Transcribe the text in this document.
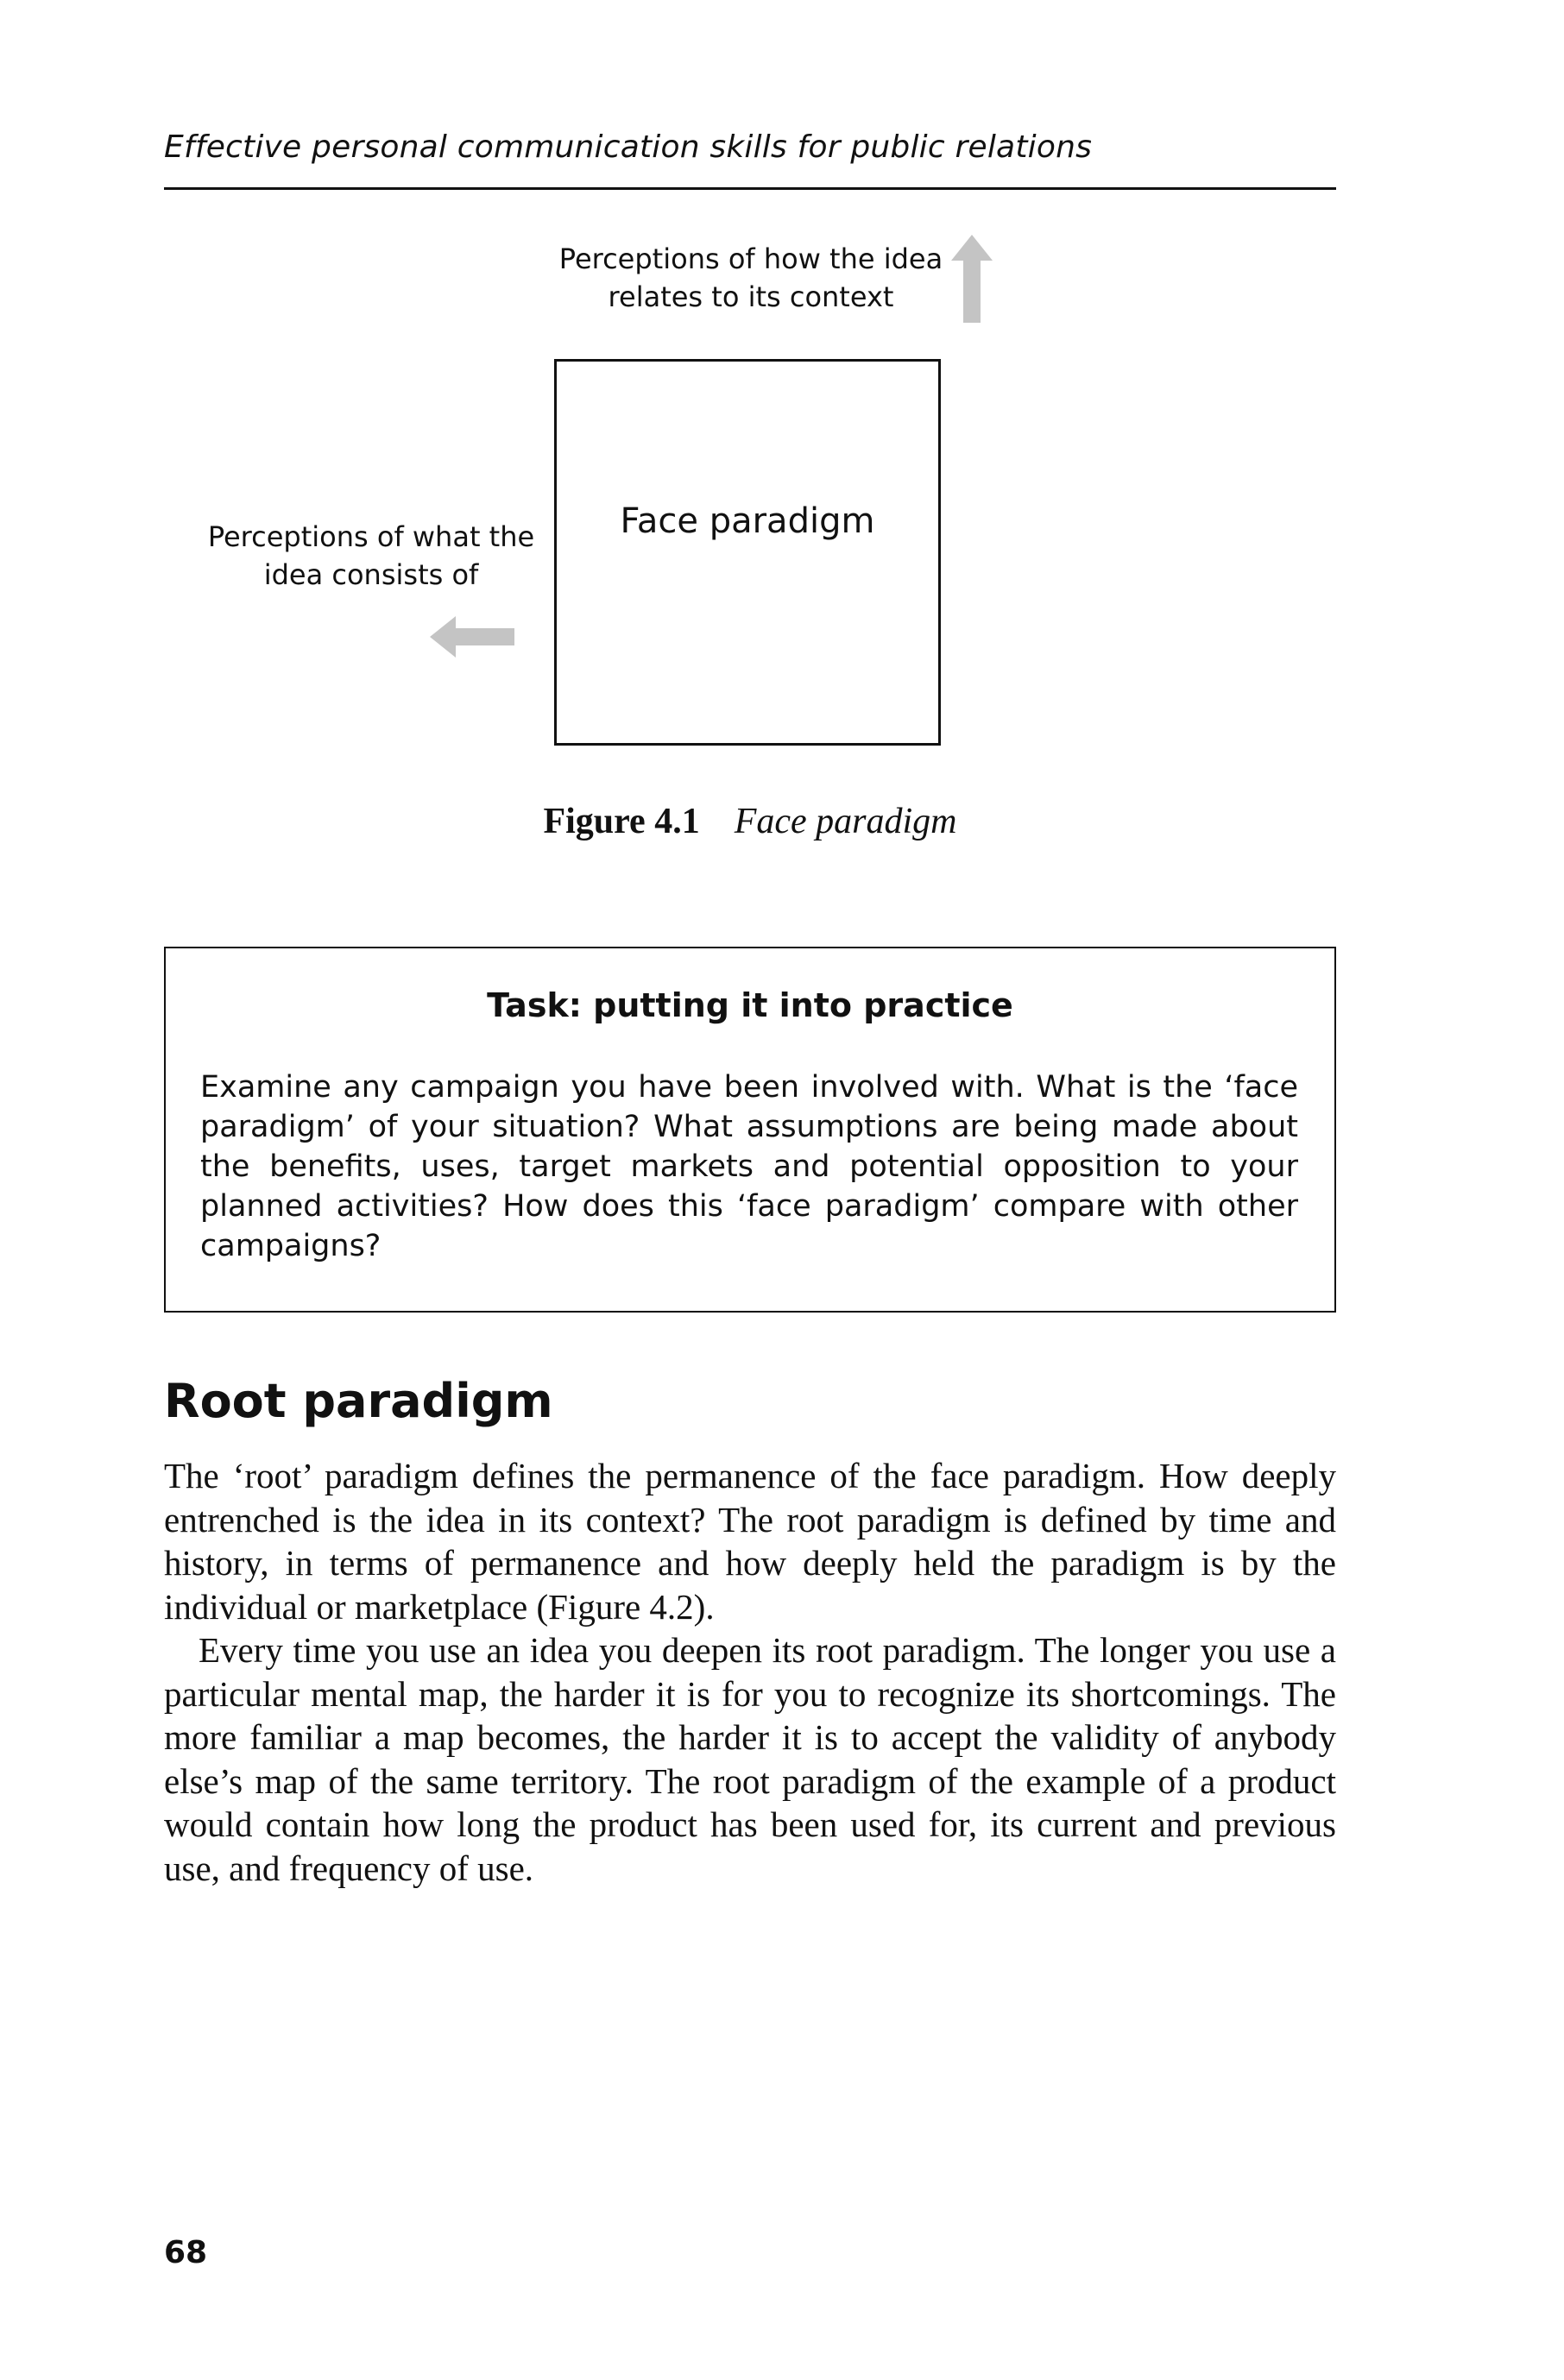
Effective personal communication skills for public relations
Perceptions of how the idea relates to its context
Perceptions of what the idea consists of
Face paradigm
Figure 4.1 Face paradigm
Task: putting it into practice
Examine any campaign you have been involved with. What is the ‘face paradigm’ of your situation? What assumptions are being made about the benefits, uses, target markets and potential opposition to your planned activities? How does this ‘face paradigm’ compare with other campaigns?
Root paradigm

The ‘root’ paradigm defines the permanence of the face paradigm. How deeply entrenched is the idea in its context? The root paradigm is defined by time and history, in terms of permanence and how deeply held the paradigm is by the individual or marketplace (Figure 4.2).

Every time you use an idea you deepen its root paradigm. The longer you use a particular mental map, the harder it is for you to recognize its shortcomings. The more familiar a map becomes, the harder it is to accept the validity of anybody else’s map of the same territory. The root paradigm of the example of a product would contain how long the product has been used for, its current and previous use, and frequency of use.

68
